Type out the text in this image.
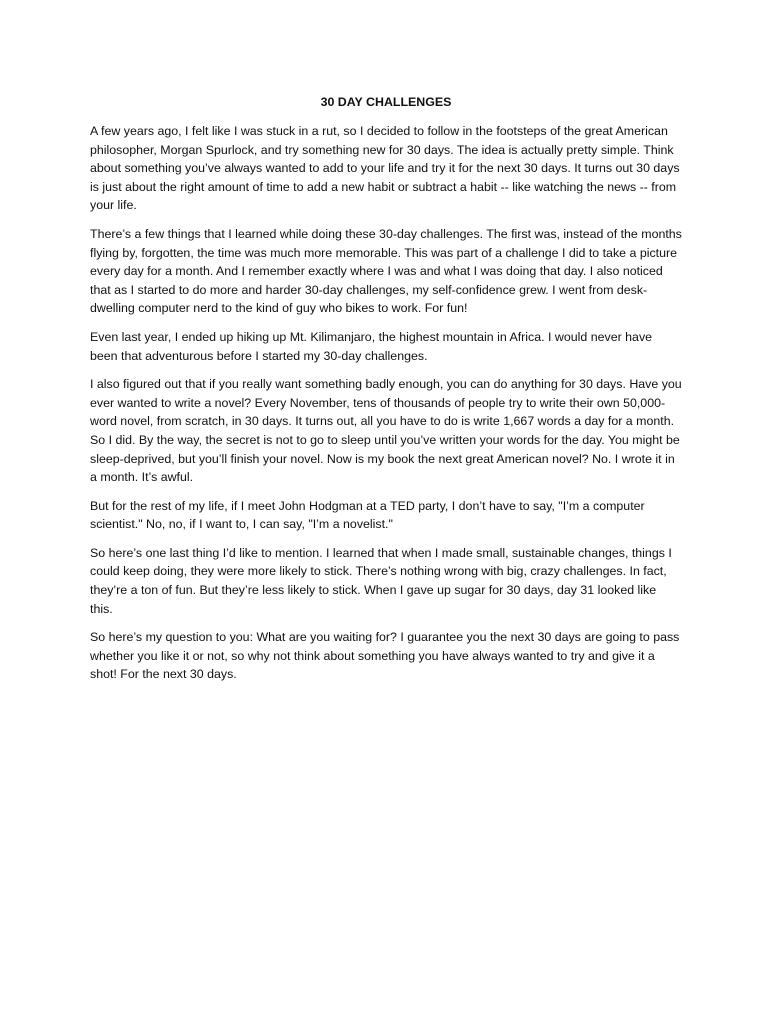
30 DAY CHALLENGES

A few years ago, I felt like I was stuck in a rut, so I decided to follow in the footsteps of the great American philosopher, Morgan Spurlock, and try something new for 30 days. The idea is actually pretty simple. Think about something you’ve always wanted to add to your life and try it for the next 30 days. It turns out 30 days is just about the right amount of time to add a new habit or subtract a habit -- like watching the news -- from your life.

There’s a few things that I learned while doing these 30-day challenges. The first was, instead of the months flying by, forgotten, the time was much more memorable. This was part of a challenge I did to take a picture every day for a month. And I remember exactly where I was and what I was doing that day. I also noticed that as I started to do more and harder 30-day challenges, my self-confidence grew. I went from desk-dwelling computer nerd to the kind of guy who bikes to work. For fun!

Even last year, I ended up hiking up Mt. Kilimanjaro, the highest mountain in Africa. I would never have been that adventurous before I started my 30-day challenges.

I also figured out that if you really want something badly enough, you can do anything for 30 days. Have you ever wanted to write a novel? Every November, tens of thousands of people try to write their own 50,000-word novel, from scratch, in 30 days. It turns out, all you have to do is write 1,667 words a day for a month. So I did. By the way, the secret is not to go to sleep until you’ve written your words for the day. You might be sleep-deprived, but you’ll finish your novel. Now is my book the next great American novel? No. I wrote it in a month. It’s awful.

But for the rest of my life, if I meet John Hodgman at a TED party, I don’t have to say, "I’m a computer scientist." No, no, if I want to, I can say, "I’m a novelist."

So here’s one last thing I’d like to mention. I learned that when I made small, sustainable changes, things I could keep doing, they were more likely to stick. There’s nothing wrong with big, crazy challenges. In fact, they’re a ton of fun. But they’re less likely to stick. When I gave up sugar for 30 days, day 31 looked like this.

So here’s my question to you: What are you waiting for? I guarantee you the next 30 days are going to pass whether you like it or not, so why not think about something you have always wanted to try and give it a shot! For the next 30 days.
